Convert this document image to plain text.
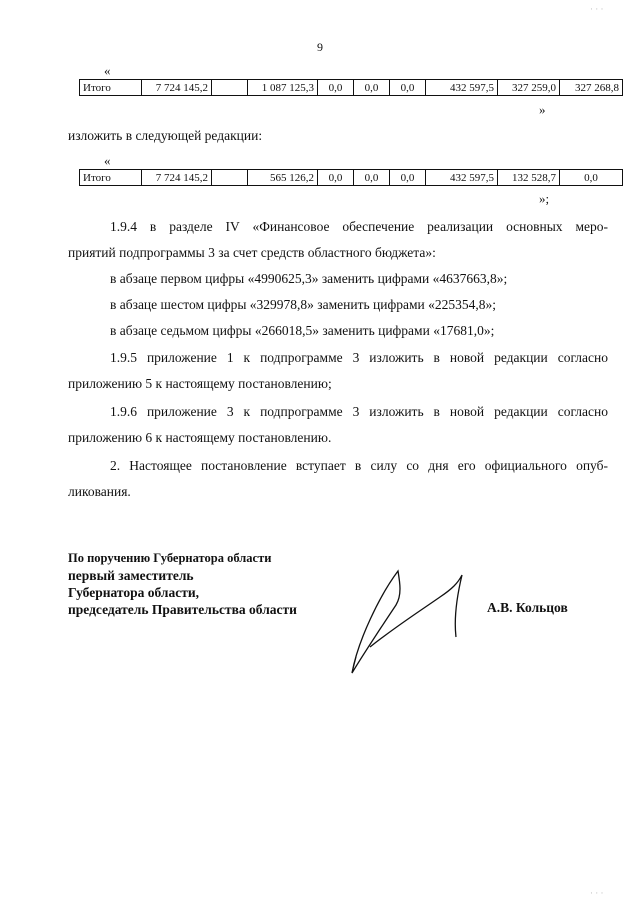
· · ·
9
«
Итого	7 724 145,2		1 087 125,3	0,0	0,0	0,0	432 597,5	327 259,0	327 268,8
»
изложить в следующей редакции:
«
Итого	7 724 145,2		565 126,2	0,0	0,0	0,0	432 597,5	132 528,7	0,0
»;
1.9.4 в разделе IV «Финансовое обеспечение реализации основных меро-
приятий подпрограммы 3 за счет средств областного бюджета»:
в абзаце первом цифры «4990625,3» заменить цифрами «4637663,8»;
в абзаце шестом цифры «329978,8» заменить цифрами «225354,8»;
в абзаце седьмом цифры «266018,5» заменить цифрами «17681,0»;
1.9.5 приложение 1 к подпрограмме 3 изложить в новой редакции согласно
приложению 5 к настоящему постановлению;
1.9.6 приложение 3 к подпрограмме 3 изложить в новой редакции согласно
приложению 6 к настоящему постановлению.
2. Настоящее постановление вступает в силу со дня его официального опуб-
ликования.
По поручению Губернатора области
первый заместитель
Губернатора области,
председатель Правительства области	А.В. Кольцов
· · ·
